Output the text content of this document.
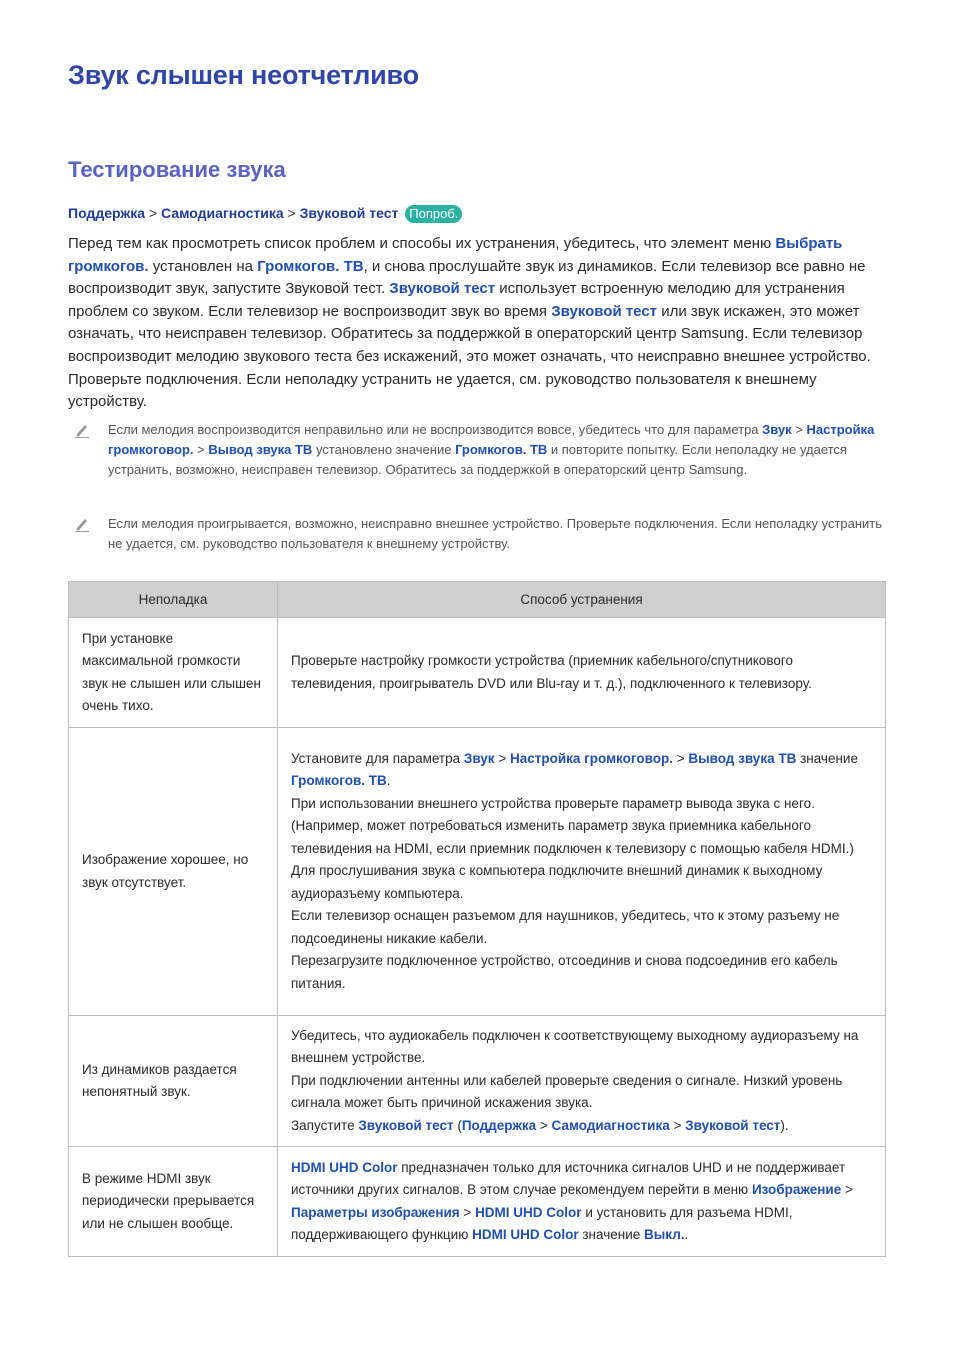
Звук слышен неотчетливо
Тестирование звука
Поддержка > Самодиагностика > Звуковой тест Попроб.

Перед тем как просмотреть список проблем и способы их устранения, убедитесь, что элемент меню Выбрать громкогов. установлен на Громкогов. ТВ, и снова прослушайте звук из динамиков. Если телевизор все равно не воспроизводит звук, запустите Звуковой тест. Звуковой тест использует встроенную мелодию для устранения проблем со звуком. Если телевизор не воспроизводит звук во время Звуковой тест или звук искажен, это может означать, что неисправен телевизор. Обратитесь за поддержкой в операторский центр Samsung. Если телевизор воспроизводит мелодию звукового теста без искажений, это может означать, что неисправно внешнее устройство. Проверьте подключения. Если неполадку устранить не удается, см. руководство пользователя к внешнему устройству.

Если мелодия воспроизводится неправильно или не воспроизводится вовсе, убедитесь что для параметра Звук > Настройка громкоговор. > Вывод звука ТВ установлено значение Громкогов. ТВ и повторите попытку. Если неполадку не удается устранить, возможно, неисправен телевизор. Обратитесь за поддержкой в операторский центр Samsung.
Если мелодия проигрывается, возможно, неисправно внешнее устройство. Проверьте подключения. Если неполадку устранить не удается, см. руководство пользователя к внешнему устройству.
Неполадка	Способ устранения
При установке максимальной громкости звук не слышен или слышен очень тихо.	Проверьте настройку громкости устройства (приемник кабельного/спутникового телевидения, проигрыватель DVD или Blu-ray и т. д.), подключенного к телевизору.
Изображение хорошее, но звук отсутствует.	Установите для параметра Звук > Настройка громкоговор. > Вывод звука ТВ значение Громкогов. ТВ.
При использовании внешнего устройства проверьте параметр вывода звука с него. (Например, может потребоваться изменить параметр звука приемника кабельного телевидения на HDMI, если приемник подключен к телевизору с помощью кабеля HDMI.)
Для прослушивания звука с компьютера подключите внешний динамик к выходному аудиоразъему компьютера.
Если телевизор оснащен разъемом для наушников, убедитесь, что к этому разъему не подсоединены никакие кабели.
Перезагрузите подключенное устройство, отсоединив и снова подсоединив его кабель питания.

Из динамиков раздается непонятный звук.	Убедитесь, что аудиокабель подключен к соответствующему выходному аудиоразъему на внешнем устройстве.
При подключении антенны или кабелей проверьте сведения о сигнале. Низкий уровень сигнала может быть причиной искажения звука.
Запустите Звуковой тест (Поддержка > Самодиагностика > Звуковой тест).

В режиме HDMI звук периодически прерывается или не слышен вообще.	HDMI UHD Color предназначен только для источника сигналов UHD и не поддерживает источники других сигналов. В этом случае рекомендуем перейти в меню Изображение > Параметры изображения > HDMI UHD Color и установить для разъема HDMI, поддерживающего функцию HDMI UHD Color значение Выкл..
